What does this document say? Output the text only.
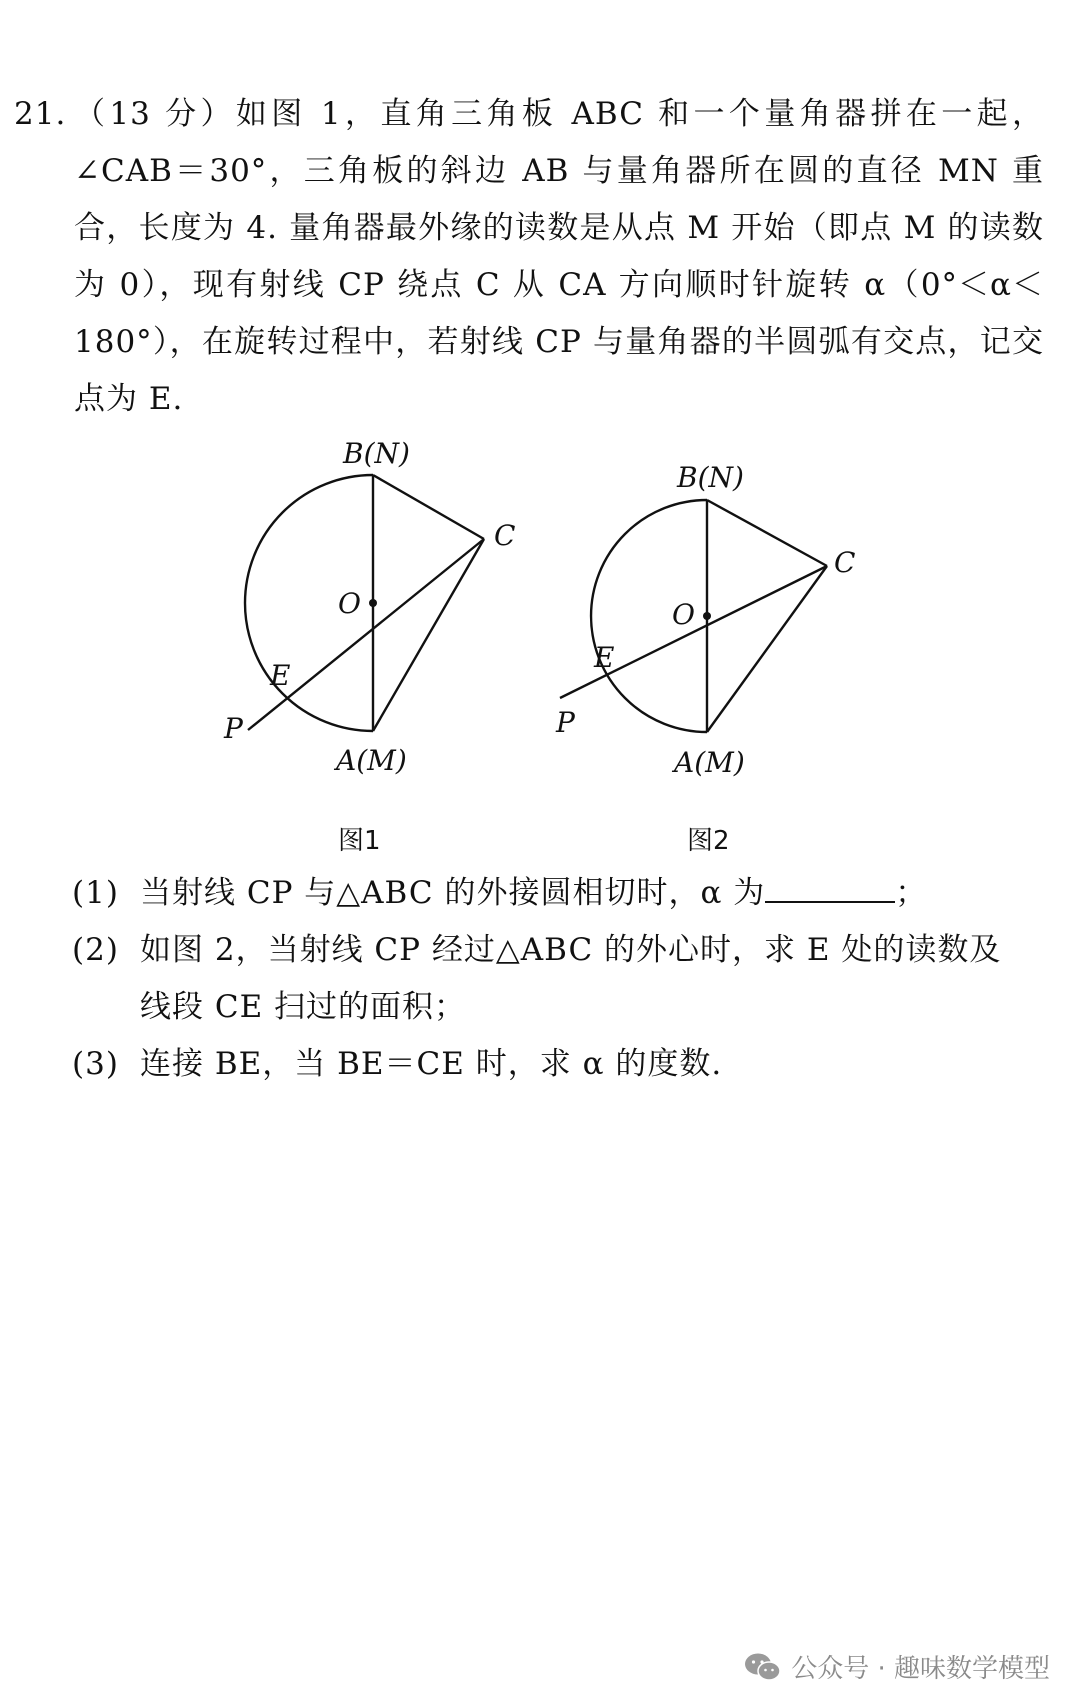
21. （13 分）如图 1，直角三角板 ABC 和一个量角器拼在一起，∠CAB＝30°，三角板的斜边 AB 与量角器所在圆的直径 MN 重合，长度为 4. 量角器最外缘的读数是从点 M 开始（即点 M 的读数为 0），现有射线 CP 绕点 C 从 CA 方向顺时针旋转 α（0°＜α＜180°），在旋转过程中，若射线 CP 与量角器的半圆弧有交点，记交点为 E.
B(N)
C
O
E
P
A(M)
B(N)
C
O
E
P
A(M)
图1	图2
(1) 当射线 CP 与△ABC 的外接圆相切时，α 为	；
(2) 如图 2，当射线 CP 经过△ABC 的外心时，求 E 处的读数及线段 CE 扫过的面积；
(3) 连接 BE，当 BE＝CE 时，求 α 的度数.
公众号 · 趣味数学模型
